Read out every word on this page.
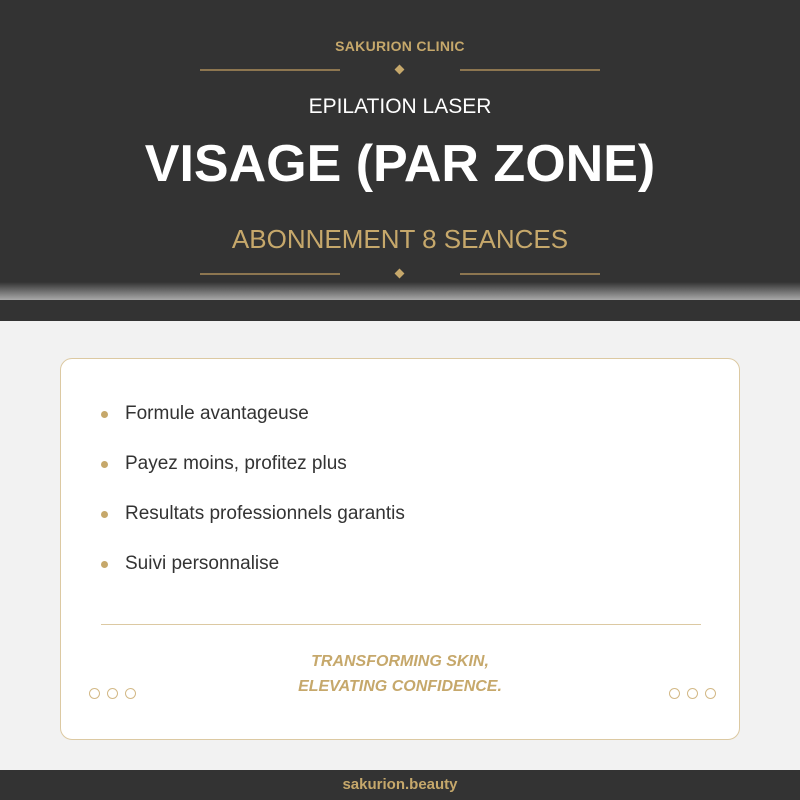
SAKURION CLINIC
EPILATION LASER
VISAGE (PAR ZONE)
ABONNEMENT 8 SEANCES
Formule avantageuse
Payez moins, profitez plus
Resultats professionnels garantis
Suivi personnalise
TRANSFORMING SKIN,
ELEVATING CONFIDENCE.
sakurion.beauty
